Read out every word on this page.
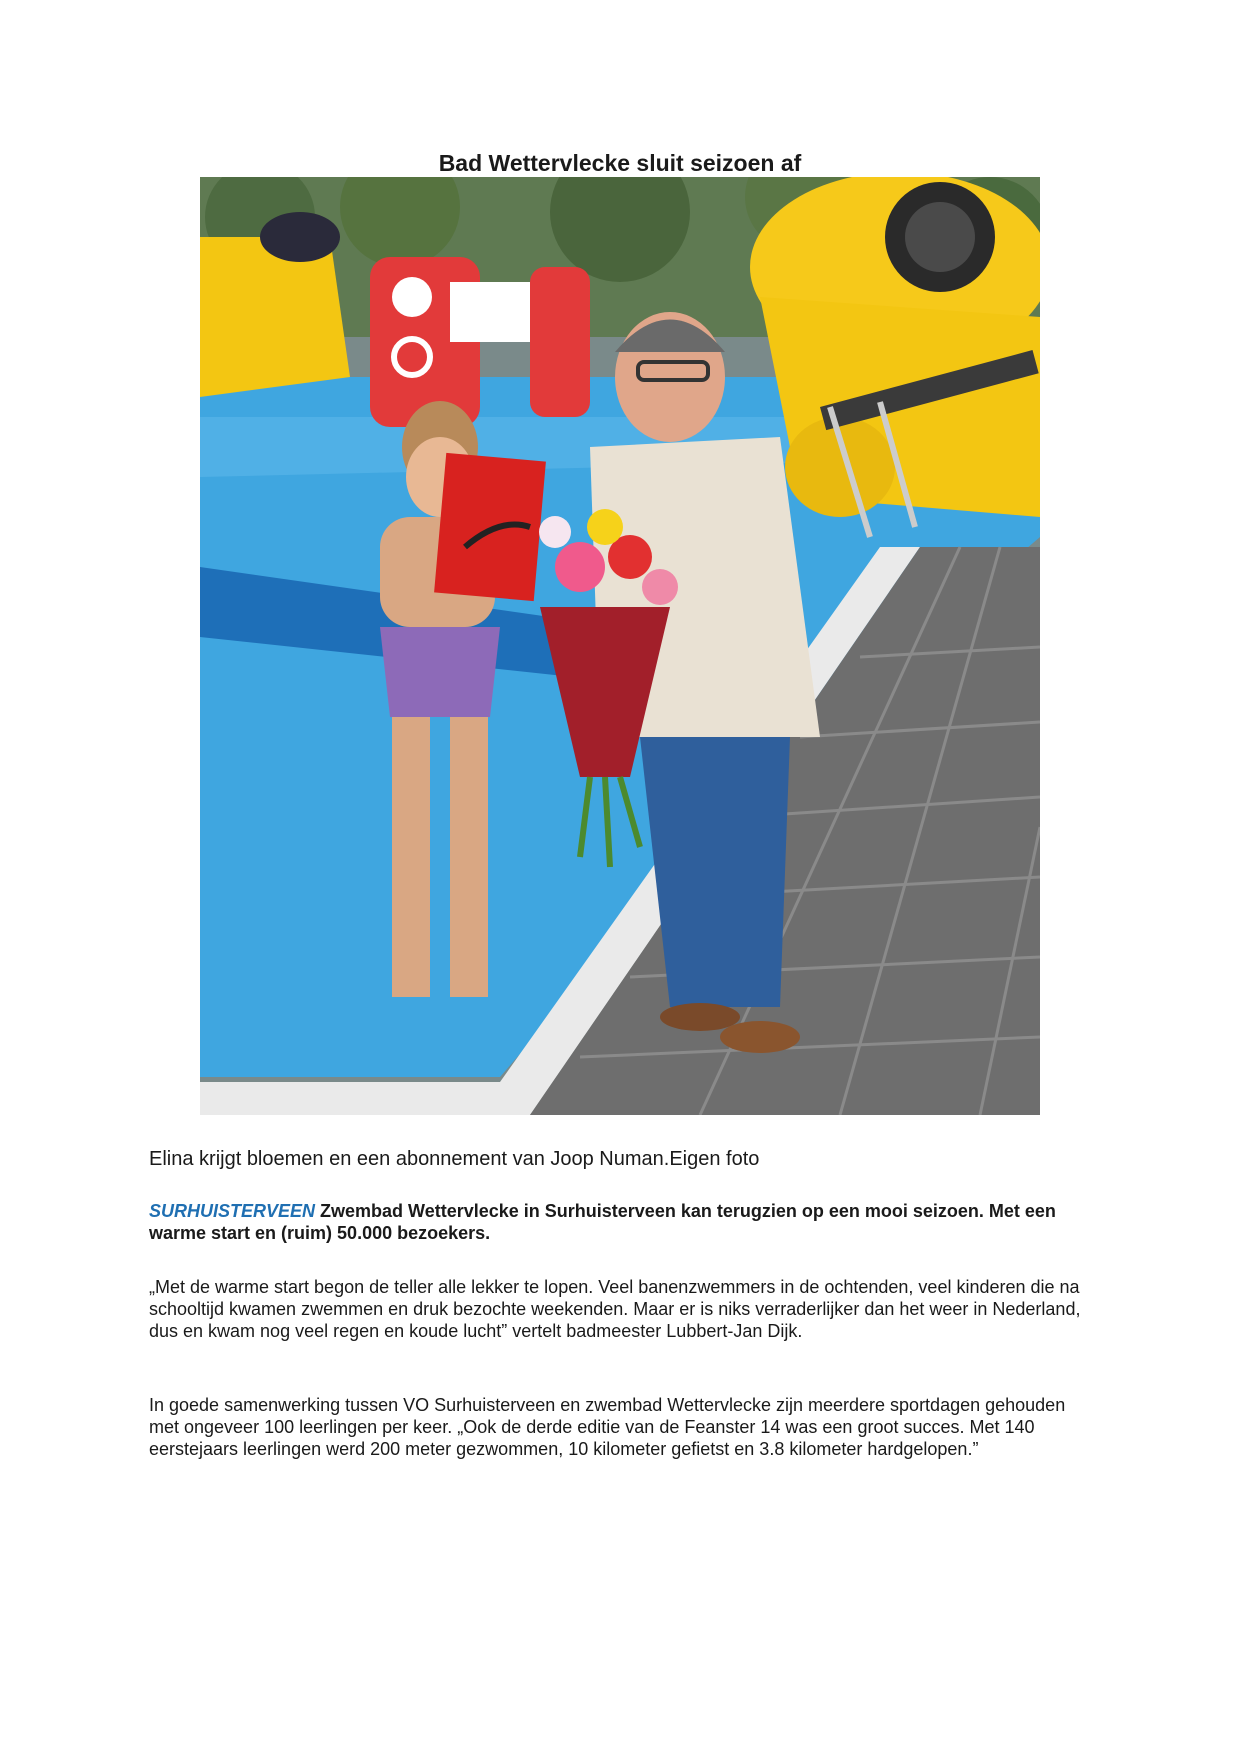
Bad Wettervlecke sluit seizoen af

Elina krijgt bloemen en een abonnement van Joop Numan.Eigen foto

SURHUISTERVEEN Zwembad Wettervlecke in Surhuisterveen kan terugzien op een mooi seizoen. Met een warme start en (ruim) 50.000 bezoekers.

„Met de warme start begon de teller alle lekker te lopen. Veel banenzwemmers in de ochtenden, veel kinderen die na schooltijd kwamen zwemmen en druk bezochte weekenden. Maar er is niks verraderlijker dan het weer in Nederland, dus en kwam nog veel regen en koude lucht” vertelt badmeester Lubbert-Jan Dijk.

In goede samenwerking tussen VO Surhuisterveen en zwembad Wettervlecke zijn meerdere sportdagen gehouden met ongeveer 100 leerlingen per keer. „Ook de derde editie van de Feanster 14 was een groot succes. Met 140 eerstejaars leerlingen werd 200 meter gezwommen, 10 kilometer gefietst en 3.8 kilometer hardgelopen.”
